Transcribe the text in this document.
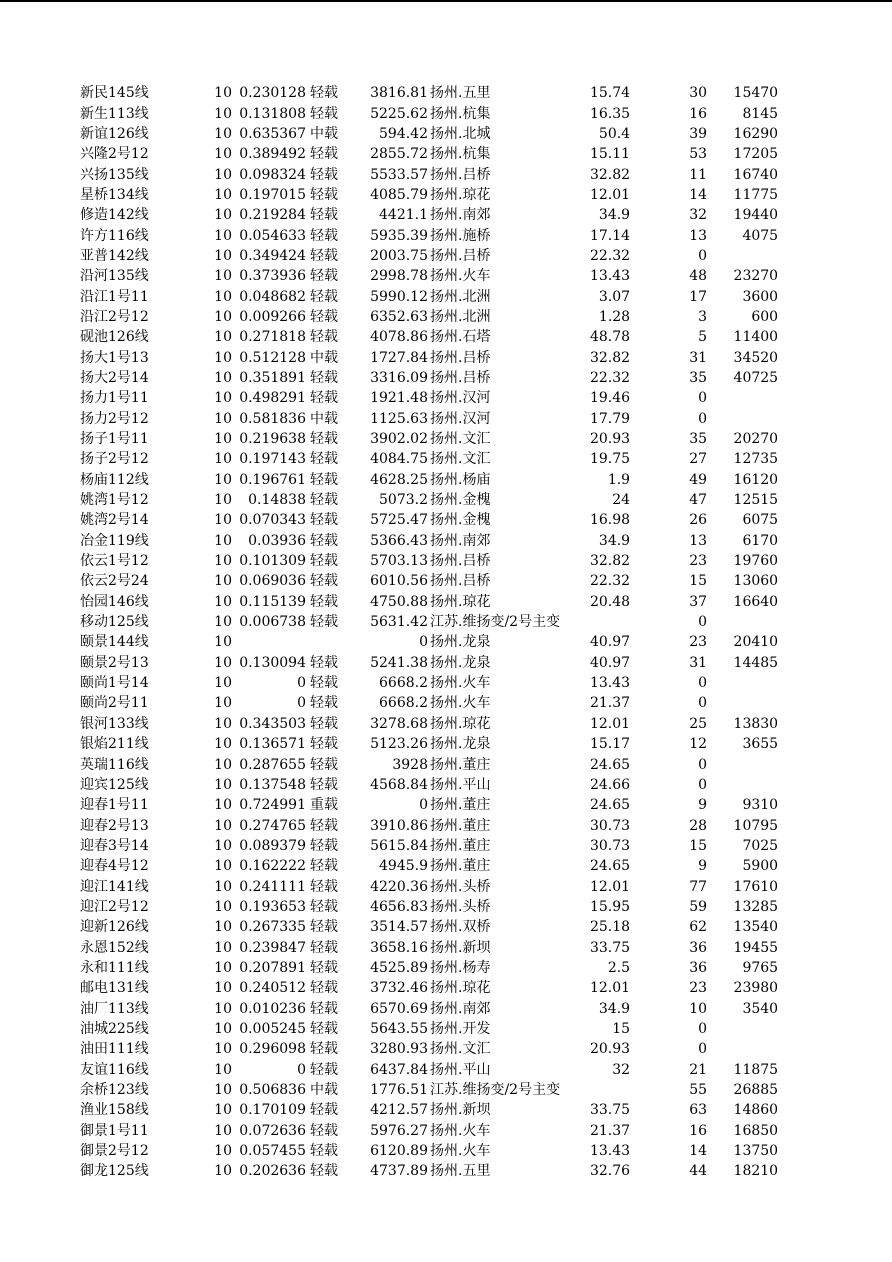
新民145线	10	0.230128	轻载	3816.81	扬州.五里	15.74	30	15470
新生113线	10	0.131808	轻载	5225.62	扬州.杭集	16.35	16	8145
新谊126线	10	0.635367	中载	594.42	扬州.北城	50.4	39	16290
兴隆2号12	10	0.389492	轻载	2855.72	扬州.杭集	15.11	53	17205
兴扬135线	10	0.098324	轻载	5533.57	扬州.吕桥	32.82	11	16740
星桥134线	10	0.197015	轻载	4085.79	扬州.琼花	12.01	14	11775
修造142线	10	0.219284	轻载	4421.1	扬州.南郊	34.9	32	19440
许方116线	10	0.054633	轻载	5935.39	扬州.施桥	17.14	13	4075
亚普142线	10	0.349424	轻载	2003.75	扬州.吕桥	22.32	0	
沿河135线	10	0.373936	轻载	2998.78	扬州.火车	13.43	48	23270
沿江1号11	10	0.048682	轻载	5990.12	扬州.北洲	3.07	17	3600
沿江2号12	10	0.009266	轻载	6352.63	扬州.北洲	1.28	3	600
砚池126线	10	0.271818	轻载	4078.86	扬州.石塔	48.78	5	11400
扬大1号13	10	0.512128	中载	1727.84	扬州.吕桥	32.82	31	34520
扬大2号14	10	0.351891	轻载	3316.09	扬州.吕桥	22.32	35	40725
扬力1号11	10	0.498291	轻载	1921.48	扬州.汉河	19.46	0	
扬力2号12	10	0.581836	中载	1125.63	扬州.汉河	17.79	0	
扬子1号11	10	0.219638	轻载	3902.02	扬州.文汇	20.93	35	20270
扬子2号12	10	0.197143	轻载	4084.75	扬州.文汇	19.75	27	12735
杨庙112线	10	0.196761	轻载	4628.25	扬州.杨庙	1.9	49	16120
姚湾1号12	10	0.14838	轻载	5073.2	扬州.金槐	24	47	12515
姚湾2号14	10	0.070343	轻载	5725.47	扬州.金槐	16.98	26	6075
冶金119线	10	0.03936	轻载	5366.43	扬州.南郊	34.9	13	6170
依云1号12	10	0.101309	轻载	5703.13	扬州.吕桥	32.82	23	19760
依云2号24	10	0.069036	轻载	6010.56	扬州.吕桥	22.32	15	13060
怡园146线	10	0.115139	轻载	4750.88	扬州.琼花	20.48	37	16640
移动125线	10	0.006738	轻载	5631.42	江苏.维扬变/2号主变		0	
颐景144线	10			0	扬州.龙泉	40.97	23	20410
颐景2号13	10	0.130094	轻载	5241.38	扬州.龙泉	40.97	31	14485
颐尚1号14	10	0	轻载	6668.2	扬州.火车	13.43	0	
颐尚2号11	10	0	轻载	6668.2	扬州.火车	21.37	0	
银河133线	10	0.343503	轻载	3278.68	扬州.琼花	12.01	25	13830
银焰211线	10	0.136571	轻载	5123.26	扬州.龙泉	15.17	12	3655
英瑞116线	10	0.287655	轻载	3928	扬州.董庄	24.65	0	
迎宾125线	10	0.137548	轻载	4568.84	扬州.平山	24.66	0	
迎春1号11	10	0.724991	重载	0	扬州.董庄	24.65	9	9310
迎春2号13	10	0.274765	轻载	3910.86	扬州.董庄	30.73	28	10795
迎春3号14	10	0.089379	轻载	5615.84	扬州.董庄	30.73	15	7025
迎春4号12	10	0.162222	轻载	4945.9	扬州.董庄	24.65	9	5900
迎江141线	10	0.241111	轻载	4220.36	扬州.头桥	12.01	77	17610
迎江2号12	10	0.193653	轻载	4656.83	扬州.头桥	15.95	59	13285
迎新126线	10	0.267335	轻载	3514.57	扬州.双桥	25.18	62	13540
永恩152线	10	0.239847	轻载	3658.16	扬州.新坝	33.75	36	19455
永和111线	10	0.207891	轻载	4525.89	扬州.杨寿	2.5	36	9765
邮电131线	10	0.240512	轻载	3732.46	扬州.琼花	12.01	23	23980
油厂113线	10	0.010236	轻载	6570.69	扬州.南郊	34.9	10	3540
油城225线	10	0.005245	轻载	5643.55	扬州.开发	15	0	
油田111线	10	0.296098	轻载	3280.93	扬州.文汇	20.93	0	
友谊116线	10	0	轻载	6437.84	扬州.平山	32	21	11875
余桥123线	10	0.506836	中载	1776.51	江苏.维扬变/2号主变		55	26885
渔业158线	10	0.170109	轻载	4212.57	扬州.新坝	33.75	63	14860
御景1号11	10	0.072636	轻载	5976.27	扬州.火车	21.37	16	16850
御景2号12	10	0.057455	轻载	6120.89	扬州.火车	13.43	14	13750
御龙125线	10	0.202636	轻载	4737.89	扬州.五里	32.76	44	18210
